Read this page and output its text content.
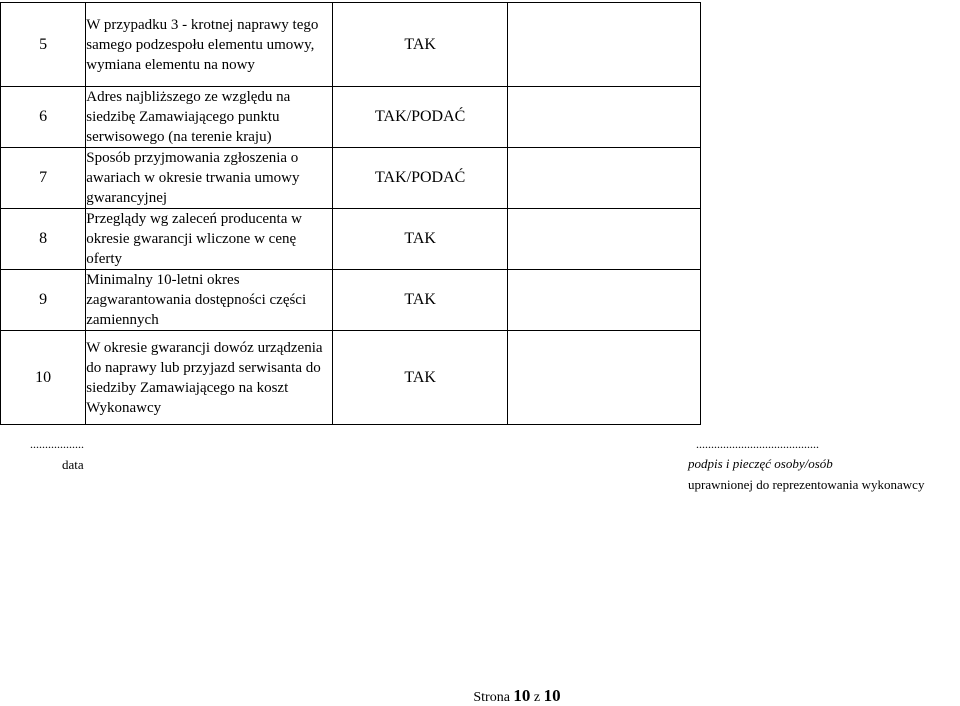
5	W przypadku 3 - krotnej naprawy tego samego podzespołu elementu umowy, wymiana elementu na nowy	TAK	
6	Adres najbliższego ze względu na siedzibę Zamawiającego punktu serwisowego (na terenie kraju)	TAK/PODAĆ	
7	Sposób przyjmowania zgłoszenia o awariach w okresie trwania umowy gwarancyjnej	TAK/PODAĆ	
8	Przeglądy wg zaleceń producenta w okresie gwarancji wliczone w cenę oferty	TAK	
9	Minimalny 10-letni okres zagwarantowania dostępności części zamiennych	TAK	
10	W okresie gwarancji dowóz urządzenia do naprawy lub przyjazd serwisanta do siedziby Zamawiającego na koszt Wykonawcy	TAK	
..................
data
.........................................
podpis i pieczęć osoby/osób
uprawnionej do reprezentowania wykonawcy
Strona 10 z 10
